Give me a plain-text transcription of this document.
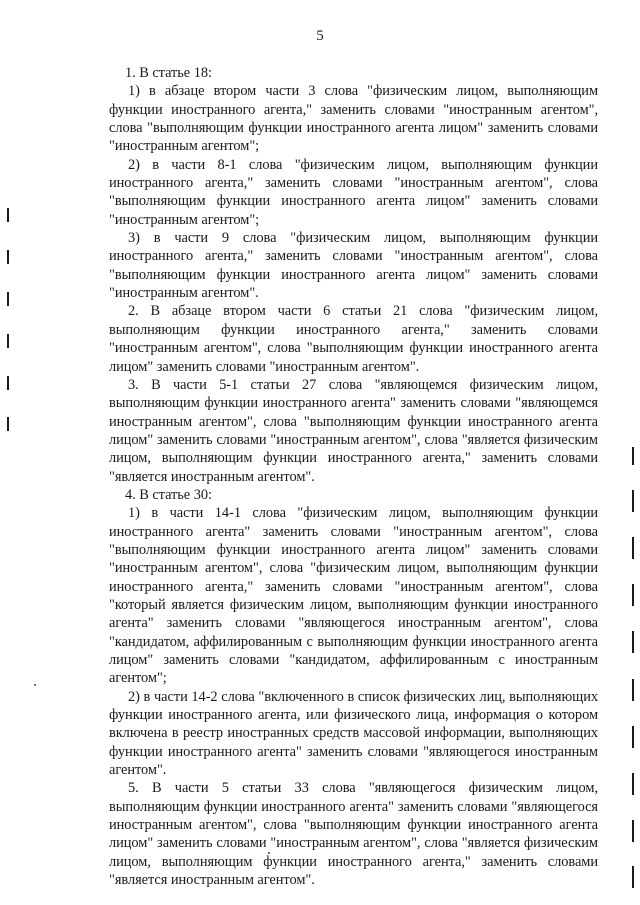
5

1. В статье 18:

1) в абзаце втором части 3 слова "физическим лицом, выполняющим функции иностранного агента," заменить словами "иностранным агентом", слова "выполняющим функции иностранного агента лицом" заменить словами "иностранным агентом";

2) в части 8-1 слова "физическим лицом, выполняющим функции иностранного агента," заменить словами "иностранным агентом", слова "выполняющим функции иностранного агента лицом" заменить словами "иностранным агентом";

3) в части 9 слова "физическим лицом, выполняющим функции иностранного агента," заменить словами "иностранным агентом", слова "выполняющим функции иностранного агента лицом" заменить словами "иностранным агентом".

2. В абзаце втором части 6 статьи 21 слова "физическим лицом, выполняющим функции иностранного агента," заменить словами "иностранным агентом", слова "выполняющим функции иностранного агента лицом" заменить словами "иностранным агентом".

3. В части 5-1 статьи 27 слова "являющемся физическим лицом, выполняющим функции иностранного агента" заменить словами "являющемся иностранным агентом", слова "выполняющим функции иностранного агента лицом" заменить словами "иностранным агентом", слова "является физическим лицом, выполняющим функции иностранного агента," заменить словами "является иностранным агентом".

4. В статье 30:

1) в части 14-1 слова "физическим лицом, выполняющим функции иностранного агента" заменить словами "иностранным агентом", слова "выполняющим функции иностранного агента лицом" заменить словами "иностранным агентом", слова "физическим лицом, выполняющим функции иностранного агента," заменить словами "иностранным агентом", слова "который является физическим лицом, выполняющим функции иностранного агента" заменить словами "являющегося иностранным агентом", слова "кандидатом, аффилированным с выполняющим функции иностранного агента лицом" заменить словами "кандидатом, аффилированным с иностранным агентом";

2) в части 14-2 слова "включенного в список физических лиц, выполняющих функции иностранного агента, или физического лица, информация о котором включена в реестр иностранных средств массовой информации, выполняющих функции иностранного агента" заменить словами "являющегося иностранным агентом".

5. В части 5 статьи 33 слова "являющегося физическим лицом, выполняющим функции иностранного агента" заменить словами "являющегося иностранным агентом", слова "выполняющим функции иностранного агента лицом" заменить словами "иностранным агентом", слова "является физическим лицом, выполняющим функции иностранного агента," заменить словами "является иностранным агентом".
